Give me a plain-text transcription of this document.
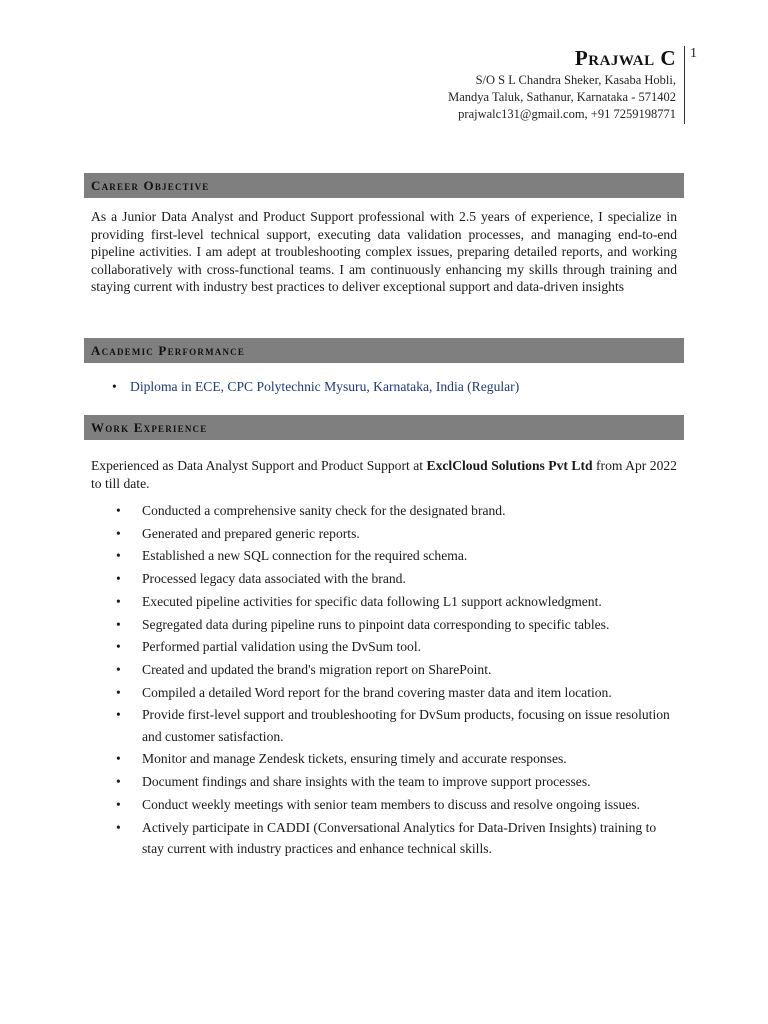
Prajwal C
S/O S L Chandra Sheker, Kasaba Hobli,
Mandya Taluk, Sathanur, Karnataka - 571402
prajwalc131@gmail.com, +91 7259198771
1
Career Objective
As a Junior Data Analyst and Product Support professional with 2.5 years of experience, I specialize in providing first-level technical support, executing data validation processes, and managing end-to-end pipeline activities. I am adept at troubleshooting complex issues, preparing detailed reports, and working collaboratively with cross-functional teams. I am continuously enhancing my skills through training and staying current with industry best practices to deliver exceptional support and data-driven insights
Academic Performance
• Diploma in ECE, CPC Polytechnic Mysuru, Karnataka, India (Regular)
Work Experience
Experienced as Data Analyst Support and Product Support at ExclCloud Solutions Pvt Ltd from Apr 2022 to till date.
• Conducted a comprehensive sanity check for the designated brand.
• Generated and prepared generic reports.
• Established a new SQL connection for the required schema.
• Processed legacy data associated with the brand.
• Executed pipeline activities for specific data following L1 support acknowledgment.
• Segregated data during pipeline runs to pinpoint data corresponding to specific tables.
• Performed partial validation using the DvSum tool.
• Created and updated the brand's migration report on SharePoint.
• Compiled a detailed Word report for the brand covering master data and item location.
• Provide first-level support and troubleshooting for DvSum products, focusing on issue resolution and customer satisfaction.
• Monitor and manage Zendesk tickets, ensuring timely and accurate responses.
• Document findings and share insights with the team to improve support processes.
• Conduct weekly meetings with senior team members to discuss and resolve ongoing issues.
• Actively participate in CADDI (Conversational Analytics for Data-Driven Insights) training to stay current with industry practices and enhance technical skills.
